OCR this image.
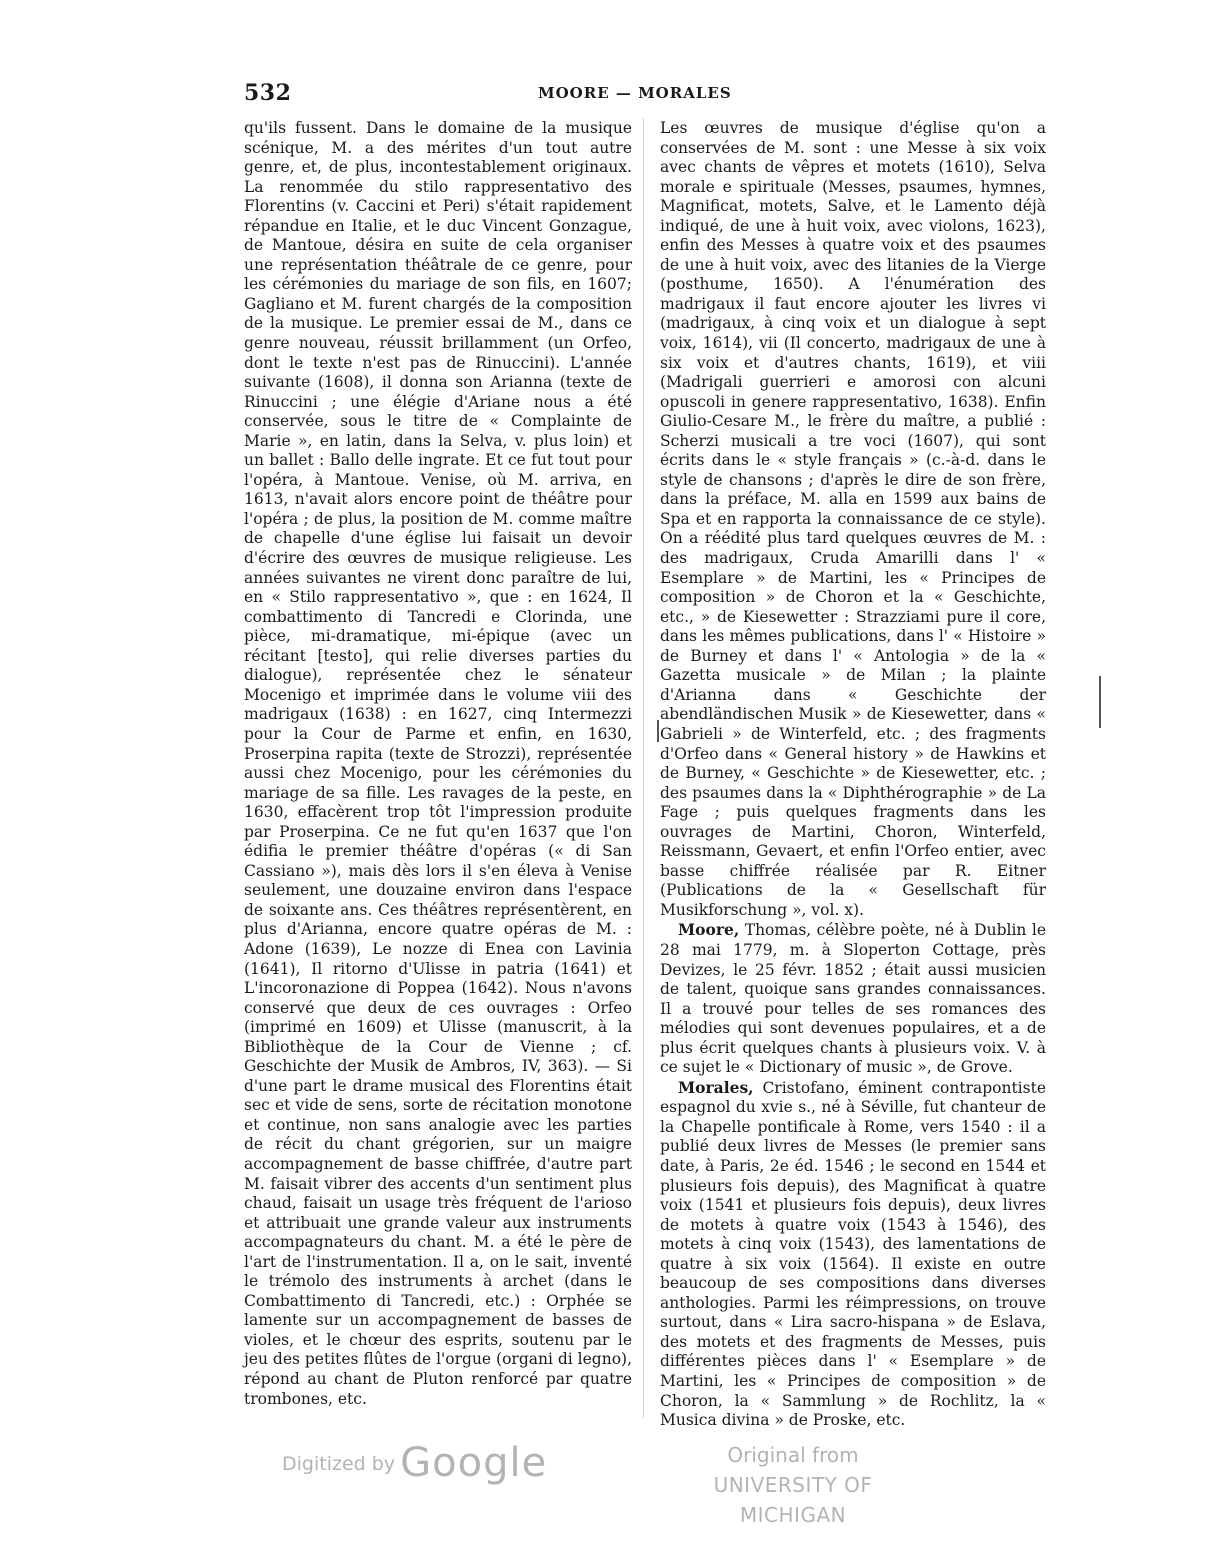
532	MOORE — MORALES

qu'ils fussent. Dans le domaine de la musique scénique, M. a des mérites d'un tout autre genre, et, de plus, incontestablement originaux. La renommée du stilo rappresentativo des Florentins (v. Caccini et Peri) s'était rapidement répandue en Italie, et le duc Vincent Gonzague, de Mantoue, désira en suite de cela organiser une représentation théâtrale de ce genre, pour les cérémonies du mariage de son fils, en 1607; Gagliano et M. furent chargés de la composition de la musique. Le premier essai de M., dans ce genre nouveau, réussit brillamment (un Orfeo, dont le texte n'est pas de Rinuccini). L'année suivante (1608), il donna son Arianna (texte de Rinuccini ; une élégie d'Ariane nous a été conservée, sous le titre de « Complainte de Marie », en latin, dans la Selva, v. plus loin) et un ballet : Ballo delle ingrate. Et ce fut tout pour l'opéra, à Mantoue. Venise, où M. arriva, en 1613, n'avait alors encore point de théâtre pour l'opéra ; de plus, la position de M. comme maître de chapelle d'une église lui faisait un devoir d'écrire des œuvres de musique religieuse. Les années suivantes ne virent donc paraître de lui, en « Stilo rappresentativo », que : en 1624, Il combattimento di Tancredi e Clorinda, une pièce, mi-dramatique, mi-épique (avec un récitant [testo], qui relie diverses parties du dialogue), représentée chez le sénateur Mocenigo et imprimée dans le volume viii des madrigaux (1638) : en 1627, cinq Intermezzi pour la Cour de Parme et enfin, en 1630, Proserpina rapita (texte de Strozzi), représentée aussi chez Mocenigo, pour les cérémonies du mariage de sa fille. Les ravages de la peste, en 1630, effacèrent trop tôt l'impression produite par Proserpina. Ce ne fut qu'en 1637 que l'on édifia le premier théâtre d'opéras (« di San Cassiano »), mais dès lors il s'en éleva à Venise seulement, une douzaine environ dans l'espace de soixante ans. Ces théâtres représentèrent, en plus d'Arianna, encore quatre opéras de M. : Adone (1639), Le nozze di Enea con Lavinia (1641), Il ritorno d'Ulisse in patria (1641) et L'incoronazione di Poppea (1642). Nous n'avons conservé que deux de ces ouvrages : Orfeo (imprimé en 1609) et Ulisse (manuscrit, à la Bibliothèque de la Cour de Vienne ; cf. Geschichte der Musik de Ambros, IV, 363). — Si d'une part le drame musical des Florentins était sec et vide de sens, sorte de récitation monotone et continue, non sans analogie avec les parties de récit du chant grégorien, sur un maigre accompagnement de basse chiffrée, d'autre part M. faisait vibrer des accents d'un sentiment plus chaud, faisait un usage très fréquent de l'arioso et attribuait une grande valeur aux instruments accompagnateurs du chant. M. a été le père de l'art de l'instrumentation. Il a, on le sait, inventé le trémolo des instruments à archet (dans le Combattimento di Tancredi, etc.) : Orphée se lamente sur un accompagnement de basses de violes, et le chœur des esprits, soutenu par le jeu des petites flûtes de l'orgue (organi di legno), répond au chant de Pluton renforcé par quatre trombones, etc.

Les œuvres de musique d'église qu'on a conservées de M. sont : une Messe à six voix avec chants de vêpres et motets (1610), Selva morale e spirituale (Messes, psaumes, hymnes, Magnificat, motets, Salve, et le Lamento déjà indiqué, de une à huit voix, avec violons, 1623), enfin des Messes à quatre voix et des psaumes de une à huit voix, avec des litanies de la Vierge (posthume, 1650). A l'énumération des madrigaux il faut encore ajouter les livres vi (madrigaux, à cinq voix et un dialogue à sept voix, 1614), vii (Il concerto, madrigaux de une à six voix et d'autres chants, 1619), et viii (Madrigali guerrieri e amorosi con alcuni opuscoli in genere rappresentativo, 1638). Enfin Giulio-Cesare M., le frère du maître, a publié : Scherzi musicali a tre voci (1607), qui sont écrits dans le « style français » (c.-à-d. dans le style de chansons ; d'après le dire de son frère, dans la préface, M. alla en 1599 aux bains de Spa et en rapporta la connaissance de ce style). On a réédité plus tard quelques œuvres de M. : des madrigaux, Cruda Amarilli dans l' « Esemplare » de Martini, les « Principes de composition » de Choron et la « Geschichte, etc., » de Kiesewetter : Strazziami pure il core, dans les mêmes publications, dans l' « Histoire » de Burney et dans l' « Antologia » de la « Gazetta musicale » de Milan ; la plainte d'Arianna dans « Geschichte der abendländischen Musik » de Kiesewetter, dans « Gabrieli » de Winterfeld, etc. ; des fragments d'Orfeo dans « General history » de Hawkins et de Burney, « Geschichte » de Kiesewetter, etc. ; des psaumes dans la « Diphthérographie » de La Fage ; puis quelques fragments dans les ouvrages de Martini, Choron, Winterfeld, Reissmann, Gevaert, et enfin l'Orfeo entier, avec basse chiffrée réalisée par R. Eitner (Publications de la « Gesellschaft für Musikforschung », vol. x).

Moore, Thomas, célèbre poète, né à Dublin le 28 mai 1779, m. à Sloperton Cottage, près Devizes, le 25 févr. 1852 ; était aussi musicien de talent, quoique sans grandes connaissances. Il a trouvé pour telles de ses romances des mélodies qui sont devenues populaires, et a de plus écrit quelques chants à plusieurs voix. V. à ce sujet le « Dictionary of music », de Grove.

Morales, Cristofano, éminent contrapontiste espagnol du xvie s., né à Séville, fut chanteur de la Chapelle pontificale à Rome, vers 1540 : il a publié deux livres de Messes (le premier sans date, à Paris, 2e éd. 1546 ; le second en 1544 et plusieurs fois depuis), des Magnificat à quatre voix (1541 et plusieurs fois depuis), deux livres de motets à quatre voix (1543 à 1546), des motets à cinq voix (1543), des lamentations de quatre à six voix (1564). Il existe en outre beaucoup de ses compositions dans diverses anthologies. Parmi les réimpressions, on trouve surtout, dans « Lira sacro-hispana » de Eslava, des motets et des fragments de Messes, puis différentes pièces dans l' « Esemplare » de Martini, les « Principes de composition » de Choron, la « Sammlung » de Rochlitz, la « Musica divina » de Proske, etc.

Digitized by Google	Original from
UNIVERSITY OF MICHIGAN
